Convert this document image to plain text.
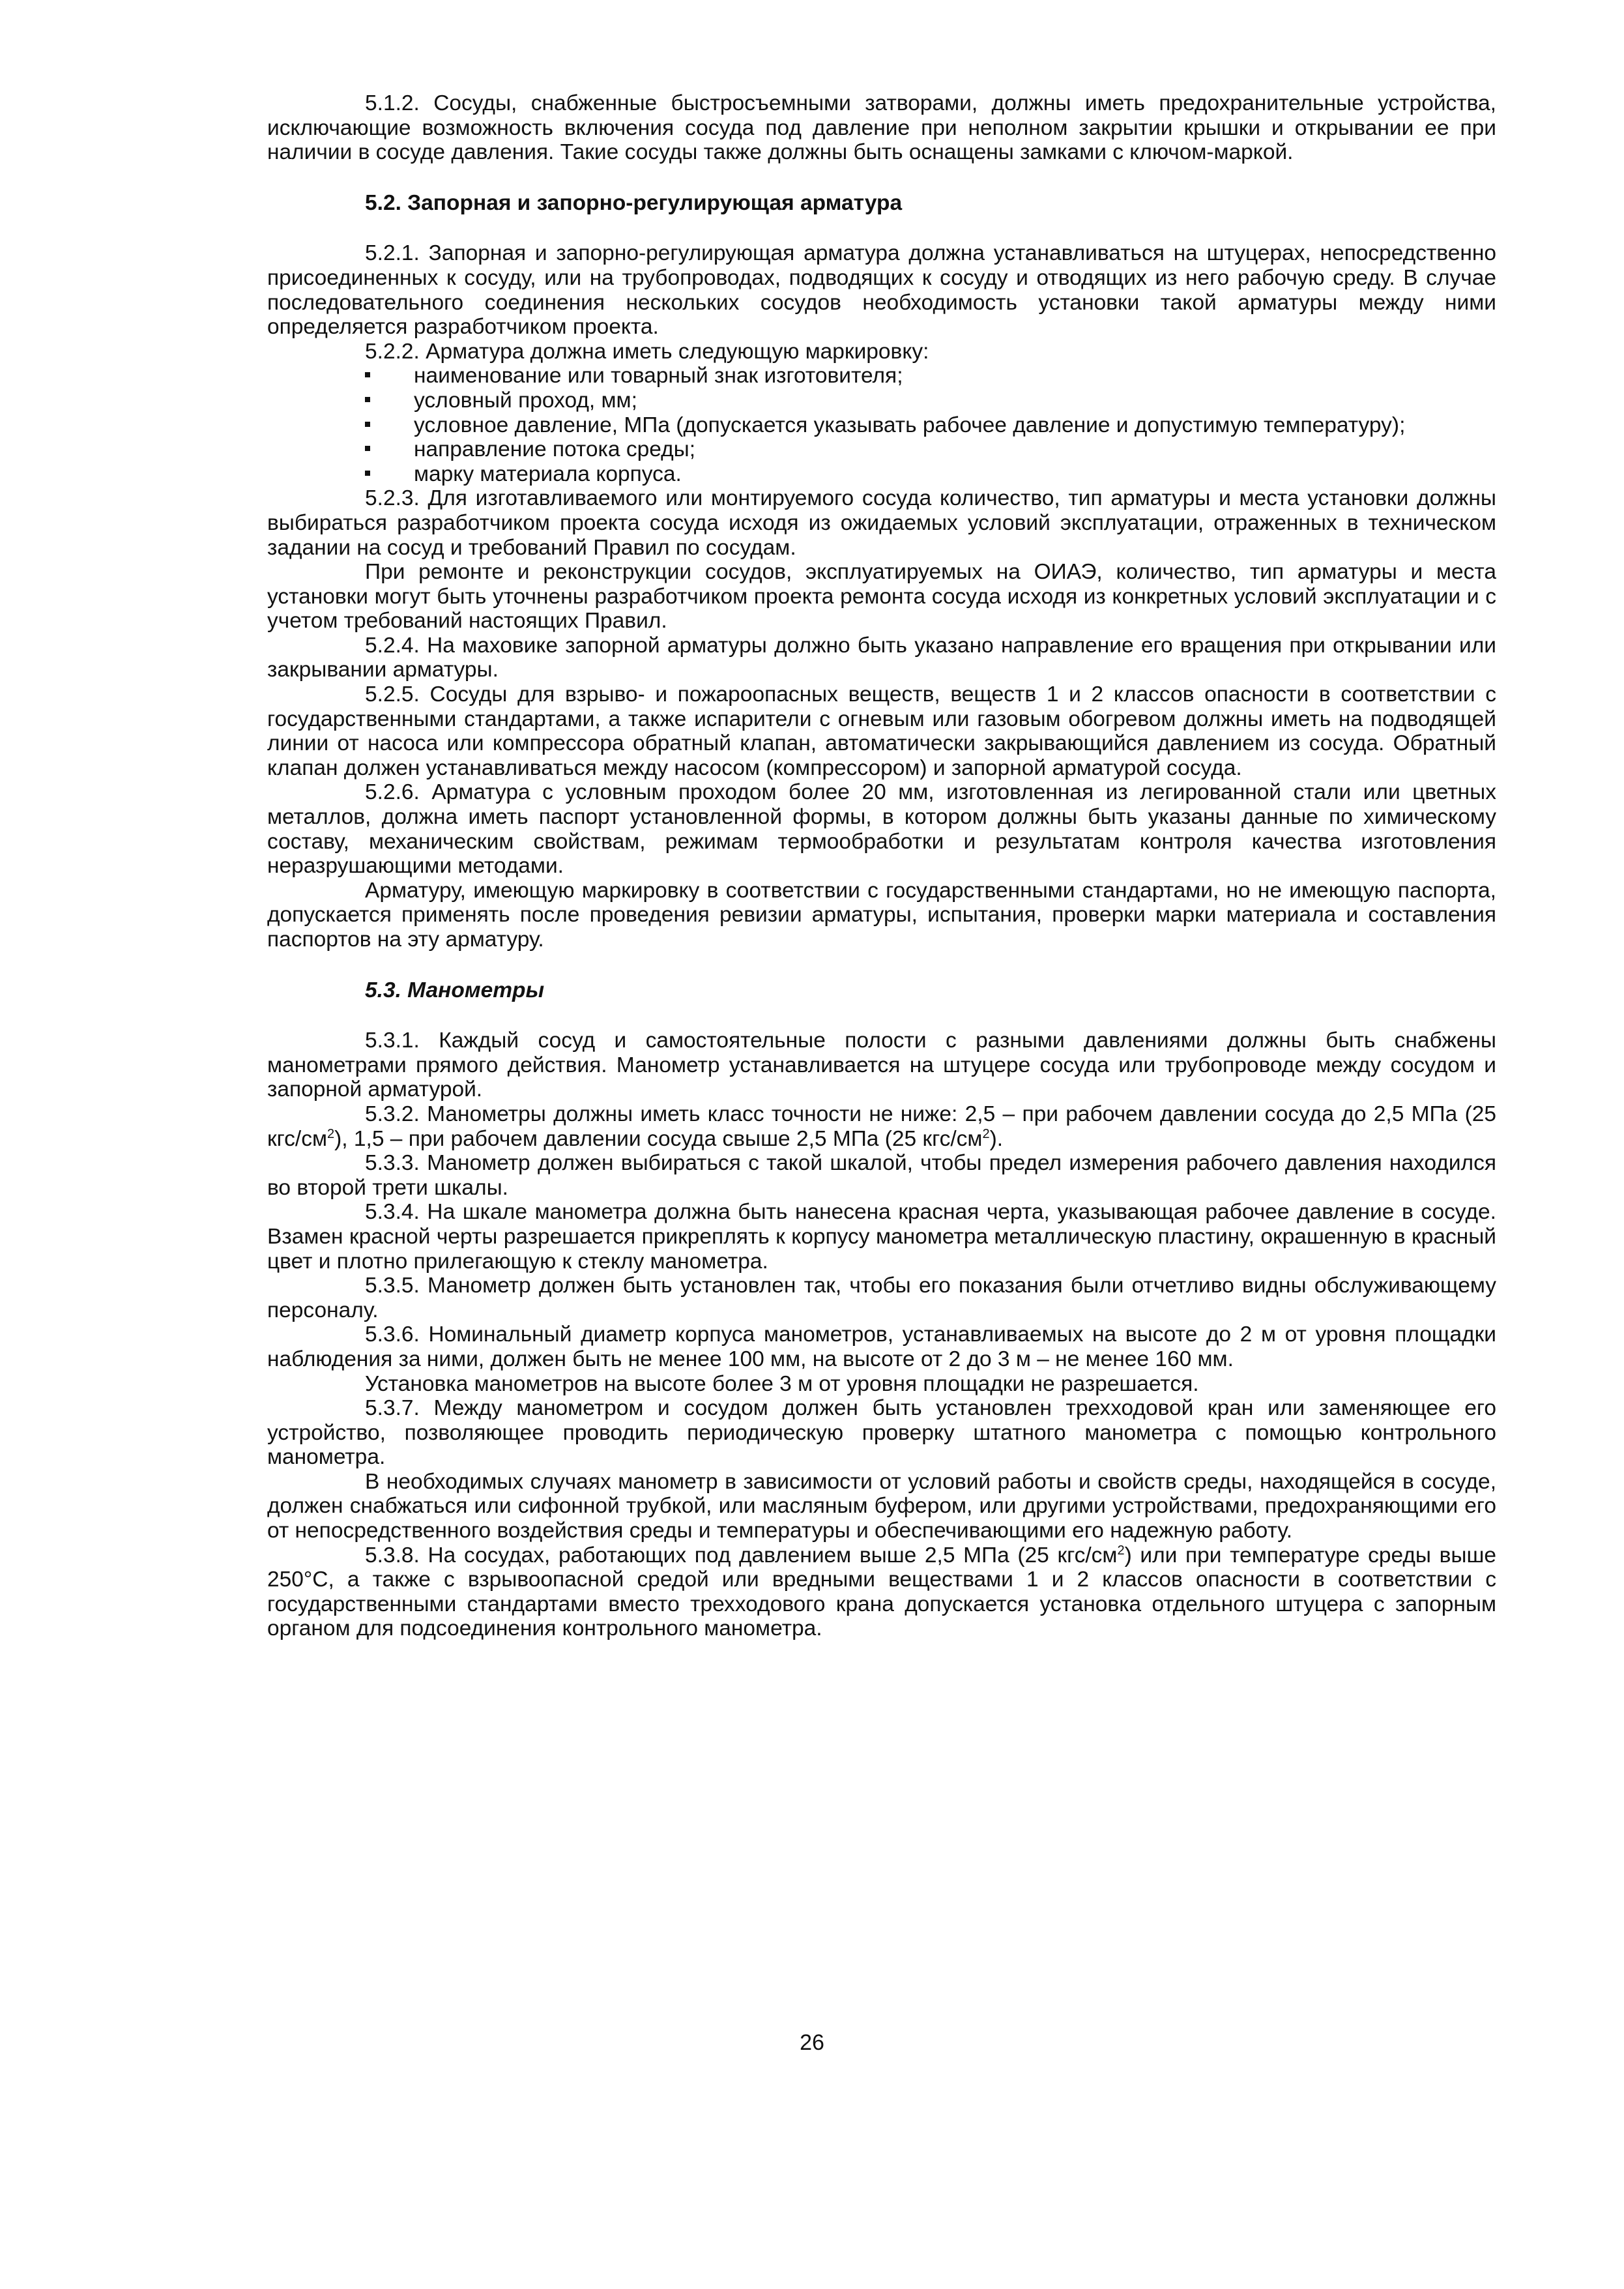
5.1.2. Сосуды, снабженные быстросъемными затворами, должны иметь предохранительные устройства, исключающие возможность включения сосуда под давление при неполном закрытии крышки и открывании ее при наличии в сосуде давления. Такие сосуды также должны быть оснащены замками с ключом-маркой.

5.2. Запорная и запорно-регулирующая арматура

5.2.1. Запорная и запорно-регулирующая арматура должна устанавливаться на штуцерах, непосредственно присоединенных к сосуду, или на трубопроводах, подводящих к сосуду и отводящих из него рабочую среду. В случае последовательного соединения нескольких сосудов необходимость установки такой арматуры между ними определяется разработчиком проекта.

5.2.2. Арматура должна иметь следующую маркировку:

наименование или товарный знак изготовителя;
условный проход, мм;
условное давление, МПа (допускается указывать рабочее давление и допустимую температуру);
направление потока среды;
марку материала корпуса.

5.2.3. Для изготавливаемого или монтируемого сосуда количество, тип арматуры и места установки должны выбираться разработчиком проекта сосуда исходя из ожидаемых условий эксплуатации, отраженных в техническом задании на сосуд и требований Правил по сосудам.

При ремонте и реконструкции сосудов, эксплуатируемых на ОИАЭ, количество, тип арматуры и места установки могут быть уточнены разработчиком проекта ремонта сосуда исходя из конкретных условий эксплуатации и с учетом требований настоящих Правил.

5.2.4. На маховике запорной арматуры должно быть указано направление его вращения при открывании или закрывании арматуры.

5.2.5. Сосуды для взрыво- и пожароопасных веществ, веществ 1 и 2 классов опасности в соответствии с государственными стандартами, а также испарители с огневым или газовым обогревом должны иметь на подводящей линии от насоса или компрессора обратный клапан, автоматически закрывающийся давлением из сосуда. Обратный клапан должен устанавливаться между насосом (компрессором) и запорной арматурой сосуда.

5.2.6. Арматура с условным проходом более 20 мм, изготовленная из легированной стали или цветных металлов, должна иметь паспорт установленной формы, в котором должны быть указаны данные по химическому составу, механическим свойствам, режимам термообработки и результатам контроля качества изготовления неразрушающими методами.

Арматуру, имеющую маркировку в соответствии с государственными стандартами, но не имеющую паспорта, допускается применять после проведения ревизии арматуры, испытания, проверки марки материала и составления паспортов на эту арматуру.

5.3. Манометры

5.3.1. Каждый сосуд и самостоятельные полости с разными давлениями должны быть снабжены манометрами прямого действия. Манометр устанавливается на штуцере сосуда или трубопроводе между сосудом и запорной арматурой.

5.3.2. Манометры должны иметь класс точности не ниже: 2,5 – при рабочем давлении сосуда до 2,5 МПа (25 кгс/$см^2$), 1,5 – при рабочем давлении сосуда свыше 2,5 МПа (25 кгс/$см^2$).

5.3.3. Манометр должен выбираться с такой шкалой, чтобы предел измерения рабочего давления находился во второй трети шкалы.

5.3.4. На шкале манометра должна быть нанесена красная черта, указывающая рабочее давление в сосуде. Взамен красной черты разрешается прикреплять к корпусу манометра металлическую пластину, окрашенную в красный цвет и плотно прилегающую к стеклу манометра.

5.3.5. Манометр должен быть установлен так, чтобы его показания были отчетливо видны обслуживающему персоналу.

5.3.6. Номинальный диаметр корпуса манометров, устанавливаемых на высоте до 2 м от уровня площадки наблюдения за ними, должен быть не менее 100 мм, на высоте от 2 до 3 м – не менее 160 мм.

Установка манометров на высоте более 3 м от уровня площадки не разрешается.

5.3.7. Между манометром и сосудом должен быть установлен трехходовой кран или заменяющее его устройство, позволяющее проводить периодическую проверку штатного манометра с помощью контрольного манометра.

В необходимых случаях манометр в зависимости от условий работы и свойств среды, находящейся в сосуде, должен снабжаться или сифонной трубкой, или масляным буфером, или другими устройствами, предохраняющими его от непосредственного воздействия среды и температуры и обеспечивающими его надежную работу.

5.3.8. На сосудах, работающих под давлением выше 2,5 МПа (25 кгс/$см^2$) или при температуре среды выше 250°С, а также с взрывоопасной средой или вредными веществами 1 и 2 классов опасности в соответствии с государственными стандартами вместо трехходового крана допускается установка отдельного штуцера с запорным органом для подсоединения контрольного манометра.

26
